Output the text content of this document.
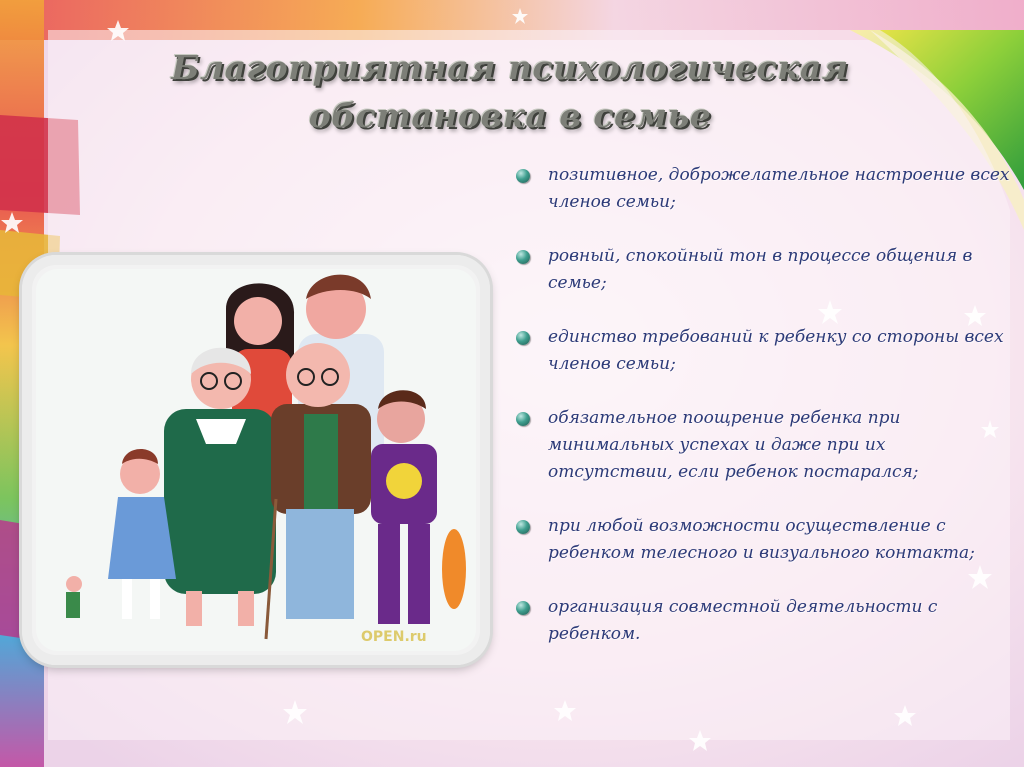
Благоприятная психологическая
обстановка в семье
OPEN.ru
позитивное, доброжелательное настроение всех членов семьи;
ровный, спокойный тон в процессе общения в семье;
единство требований к ребенку со стороны всех членов семьи;
обязательное поощрение ребенка при минимальных успехах и даже при их отсутствии, если ребенок постарался;
при любой возможности осуществление с ребенком телесного и визуального контакта;
организация совместной деятельности с ребенком.
